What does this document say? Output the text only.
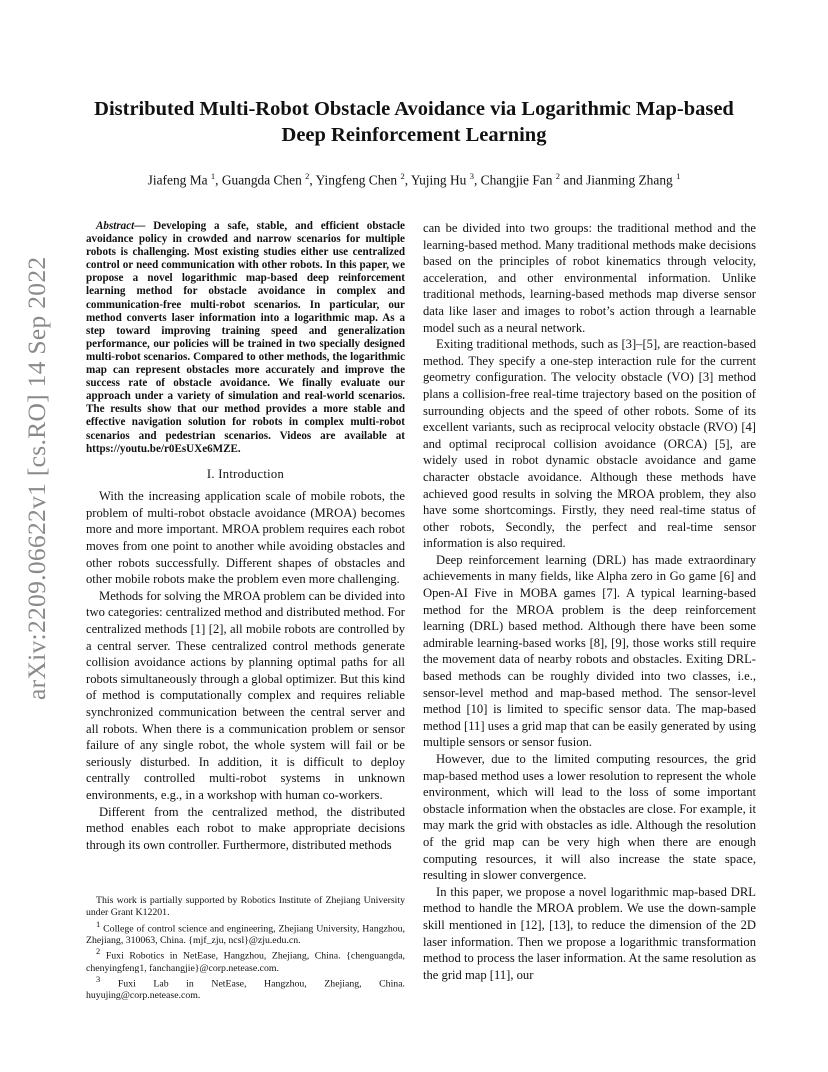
arXiv:2209.06622v1 [cs.RO] 14 Sep 2022
Distributed Multi-Robot Obstacle Avoidance via Logarithmic Map-based Deep Reinforcement Learning
Jiafeng Ma $^1$, Guangda Chen $^2$, Yingfeng Chen $^2$, Yujing Hu $^3$, Changjie Fan $^2$ and Jianming Zhang $^1$

Abstract— Developing a safe, stable, and efficient obstacle avoidance policy in crowded and narrow scenarios for multiple robots is challenging. Most existing studies either use centralized control or need communication with other robots. In this paper, we propose a novel logarithmic map-based deep reinforcement learning method for obstacle avoidance in complex and communication-free multi-robot scenarios. In particular, our method converts laser information into a logarithmic map. As a step toward improving training speed and generalization performance, our policies will be trained in two specially designed multi-robot scenarios. Compared to other methods, the logarithmic map can represent obstacles more accurately and improve the success rate of obstacle avoidance. We finally evaluate our approach under a variety of simulation and real-world scenarios. The results show that our method provides a more stable and effective navigation solution for robots in complex multi-robot scenarios and pedestrian scenarios. Videos are available at https://youtu.be/r0EsUXe6MZE.

I. Introduction

With the increasing application scale of mobile robots, the problem of multi-robot obstacle avoidance (MROA) becomes more and more important. MROA problem requires each robot moves from one point to another while avoiding obstacles and other robots successfully. Different shapes of obstacles and other mobile robots make the problem even more challenging.

Methods for solving the MROA problem can be divided into two categories: centralized method and distributed method. For centralized methods [1] [2], all mobile robots are controlled by a central server. These centralized control methods generate collision avoidance actions by planning optimal paths for all robots simultaneously through a global optimizer. But this kind of method is computationally complex and requires reliable synchronized communication between the central server and all robots. When there is a communication problem or sensor failure of any single robot, the whole system will fail or be seriously disturbed. In addition, it is difficult to deploy centrally controlled multi-robot systems in unknown environments, e.g., in a workshop with human co-workers.

Different from the centralized method, the distributed method enables each robot to make appropriate decisions through its own controller. Furthermore, distributed methods

This work is partially supported by Robotics Institute of Zhejiang University under Grant K12201.

$^1$ College of control science and engineering, Zhejiang University, Hangzhou, Zhejiang, 310063, China. {mjf_zju, ncsl}@zju.edu.cn.

$^2$ Fuxi Robotics in NetEase, Hangzhou, Zhejiang, China. {chenguangda, chenyingfeng1, fanchangjie}@corp.netease.com.

$^3$ Fuxi Lab in NetEase, Hangzhou, Zhejiang, China. huyujing@corp.netease.com.

can be divided into two groups: the traditional method and the learning-based method. Many traditional methods make decisions based on the principles of robot kinematics through velocity, acceleration, and other environmental information. Unlike traditional methods, learning-based methods map diverse sensor data like laser and images to robot’s action through a learnable model such as a neural network.

Exiting traditional methods, such as [3]–[5], are reaction-based method. They specify a one-step interaction rule for the current geometry configuration. The velocity obstacle (VO) [3] method plans a collision-free real-time trajectory based on the position of surrounding objects and the speed of other robots. Some of its excellent variants, such as reciprocal velocity obstacle (RVO) [4] and optimal reciprocal collision avoidance (ORCA) [5], are widely used in robot dynamic obstacle avoidance and game character obstacle avoidance. Although these methods have achieved good results in solving the MROA problem, they also have some shortcomings. Firstly, they need real-time status of other robots, Secondly, the perfect and real-time sensor information is also required.

Deep reinforcement learning (DRL) has made extraordinary achievements in many fields, like Alpha zero in Go game [6] and Open-AI Five in MOBA games [7]. A typical learning-based method for the MROA problem is the deep reinforcement learning (DRL) based method. Although there have been some admirable learning-based works [8], [9], those works still require the movement data of nearby robots and obstacles. Exiting DRL-based methods can be roughly divided into two classes, i.e., sensor-level method and map-based method. The sensor-level method [10] is limited to specific sensor data. The map-based method [11] uses a grid map that can be easily generated by using multiple sensors or sensor fusion.

However, due to the limited computing resources, the grid map-based method uses a lower resolution to represent the whole environment, which will lead to the loss of some important obstacle information when the obstacles are close. For example, it may mark the grid with obstacles as idle. Although the resolution of the grid map can be very high when there are enough computing resources, it will also increase the state space, resulting in slower convergence.

In this paper, we propose a novel logarithmic map-based DRL method to handle the MROA problem. We use the down-sample skill mentioned in [12], [13], to reduce the dimension of the 2D laser information. Then we propose a logarithmic transformation method to process the laser information. At the same resolution as the grid map [11], our
